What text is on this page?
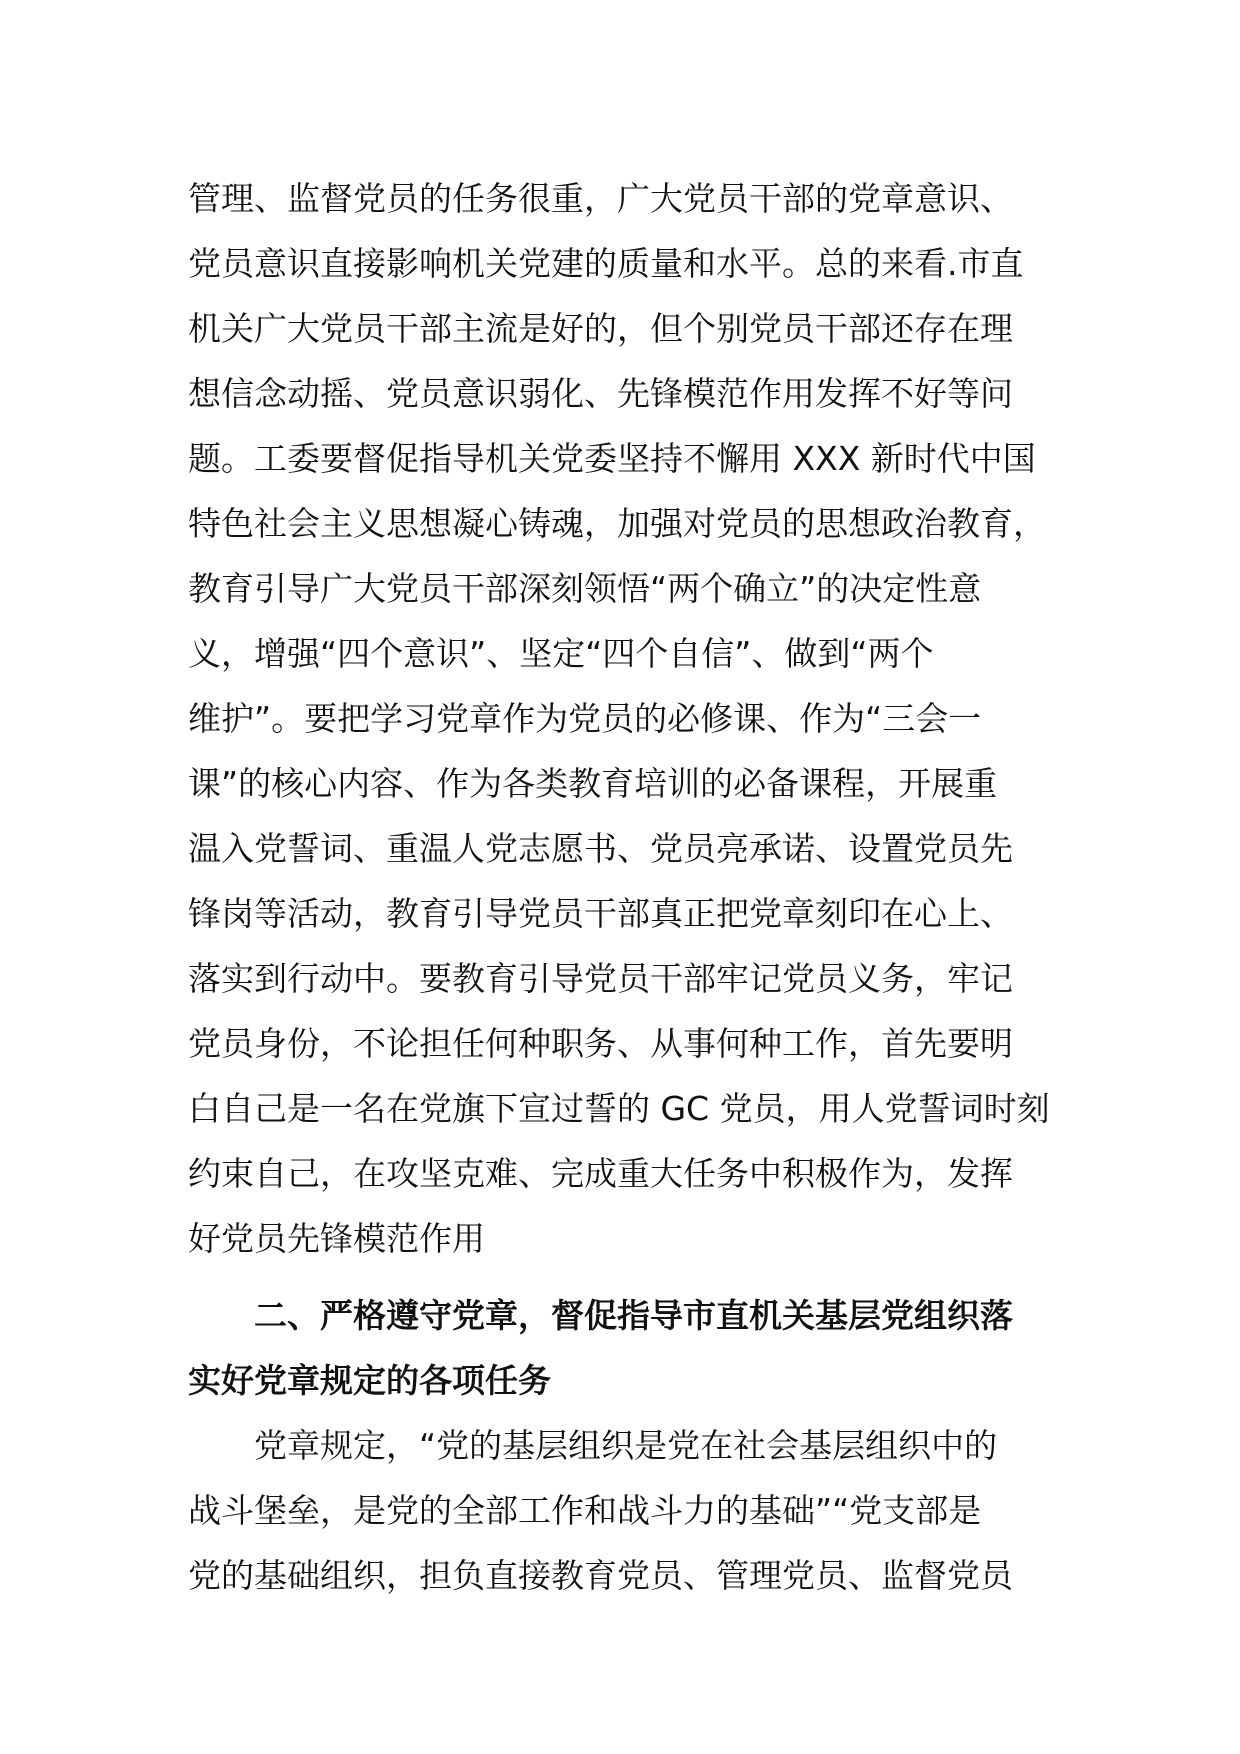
管理、监督党员的任务很重，广大党员干部的党章意识、
党员意识直接影响机关党建的质量和水平。总的来看.市直
机关广大党员干部主流是好的，但个别党员干部还存在理
想信念动摇、党员意识弱化、先锋模范作用发挥不好等问
题。工委要督促指导机关党委坚持不懈用 XXX 新时代中国
特色社会主义思想凝心铸魂，加强对党员的思想政治教育，
教育引导广大党员干部深刻领悟“两个确立”的决定性意
义，增强“四个意识”、坚定“四个自信”、做到“两个
维护”。要把学习党章作为党员的必修课、作为“三会一
课”的核心内容、作为各类教育培训的必备课程，开展重
温入党誓词、重温人党志愿书、党员亮承诺、设置党员先
锋岗等活动，教育引导党员干部真正把党章刻印在心上、
落实到行动中。要教育引导党员干部牢记党员义务，牢记
党员身份，不论担任何种职务、从事何种工作，首先要明
白自己是一名在党旗下宣过誓的 GC 党员，用人党誓词时刻
约束自己，在攻坚克难、完成重大任务中积极作为，发挥
好党员先锋模范作用
二、严格遵守党章，督促指导市直机关基层党组织落
实好党章规定的各项任务
党章规定，“党的基层组织是党在社会基层组织中的
战斗堡垒，是党的全部工作和战斗力的基础”“党支部是
党的基础组织，担负直接教育党员、管理党员、监督党员
